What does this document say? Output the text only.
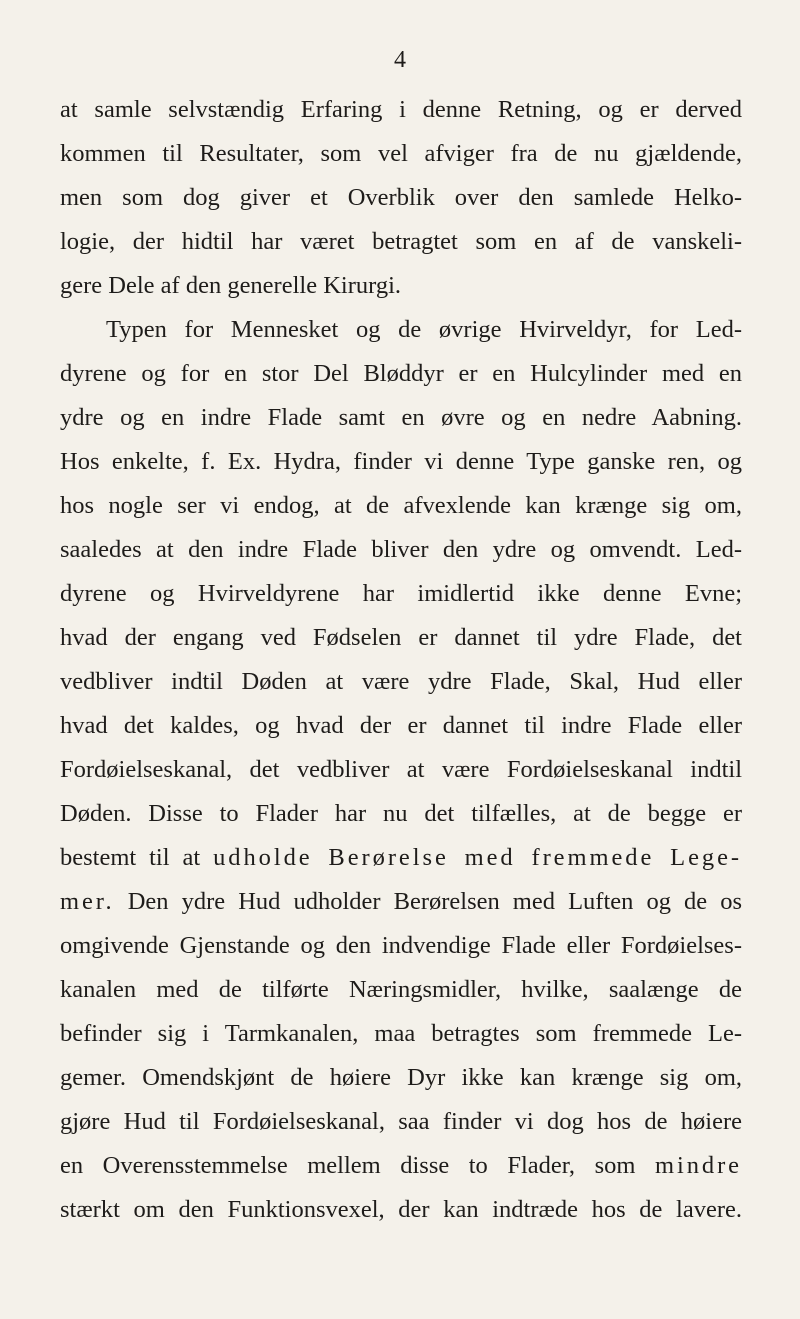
4
at samle selvstændig Erfaring i denne Retning, og er derved
kommen til Resultater, som vel afviger fra de nu gjældende,
men som dog giver et Overblik over den samlede Helko-
logie, der hidtil har været betragtet som en af de vanskeli-
gere Dele af den generelle Kirurgi.
Typen for Mennesket og de øvrige Hvirveldyr, for Led-
dyrene og for en stor Del Bløddyr er en Hulcylinder med en
ydre og en indre Flade samt en øvre og en nedre Aabning.
Hos enkelte, f. Ex. Hydra, finder vi denne Type ganske ren, og
hos nogle ser vi endog, at de afvexlende kan krænge sig om,
saaledes at den indre Flade bliver den ydre og omvendt. Led-
dyrene og Hvirveldyrene har imidlertid ikke denne Evne;
hvad der engang ved Fødselen er dannet til ydre Flade, det
vedbliver indtil Døden at være ydre Flade, Skal, Hud eller
hvad det kaldes, og hvad der er dannet til indre Flade eller
Fordøielseskanal, det vedbliver at være Fordøielseskanal indtil
Døden. Disse to Flader har nu det tilfælles, at de begge er
bestemt til at udholde Berørelse med fremmede Lege-
mer. Den ydre Hud udholder Berørelsen med Luften og de os
omgivende Gjenstande og den indvendige Flade eller Fordøielses-
kanalen med de tilførte Næringsmidler, hvilke, saalænge de
befinder sig i Tarmkanalen, maa betragtes som fremmede Le-
gemer. Omendskjønt de høiere Dyr ikke kan krænge sig om,
gjøre Hud til Fordøielseskanal, saa finder vi dog hos de høiere
en Overensstemmelse mellem disse to Flader, som mindre
stærkt om den Funktionsvexel, der kan indtræde hos de lavere.
